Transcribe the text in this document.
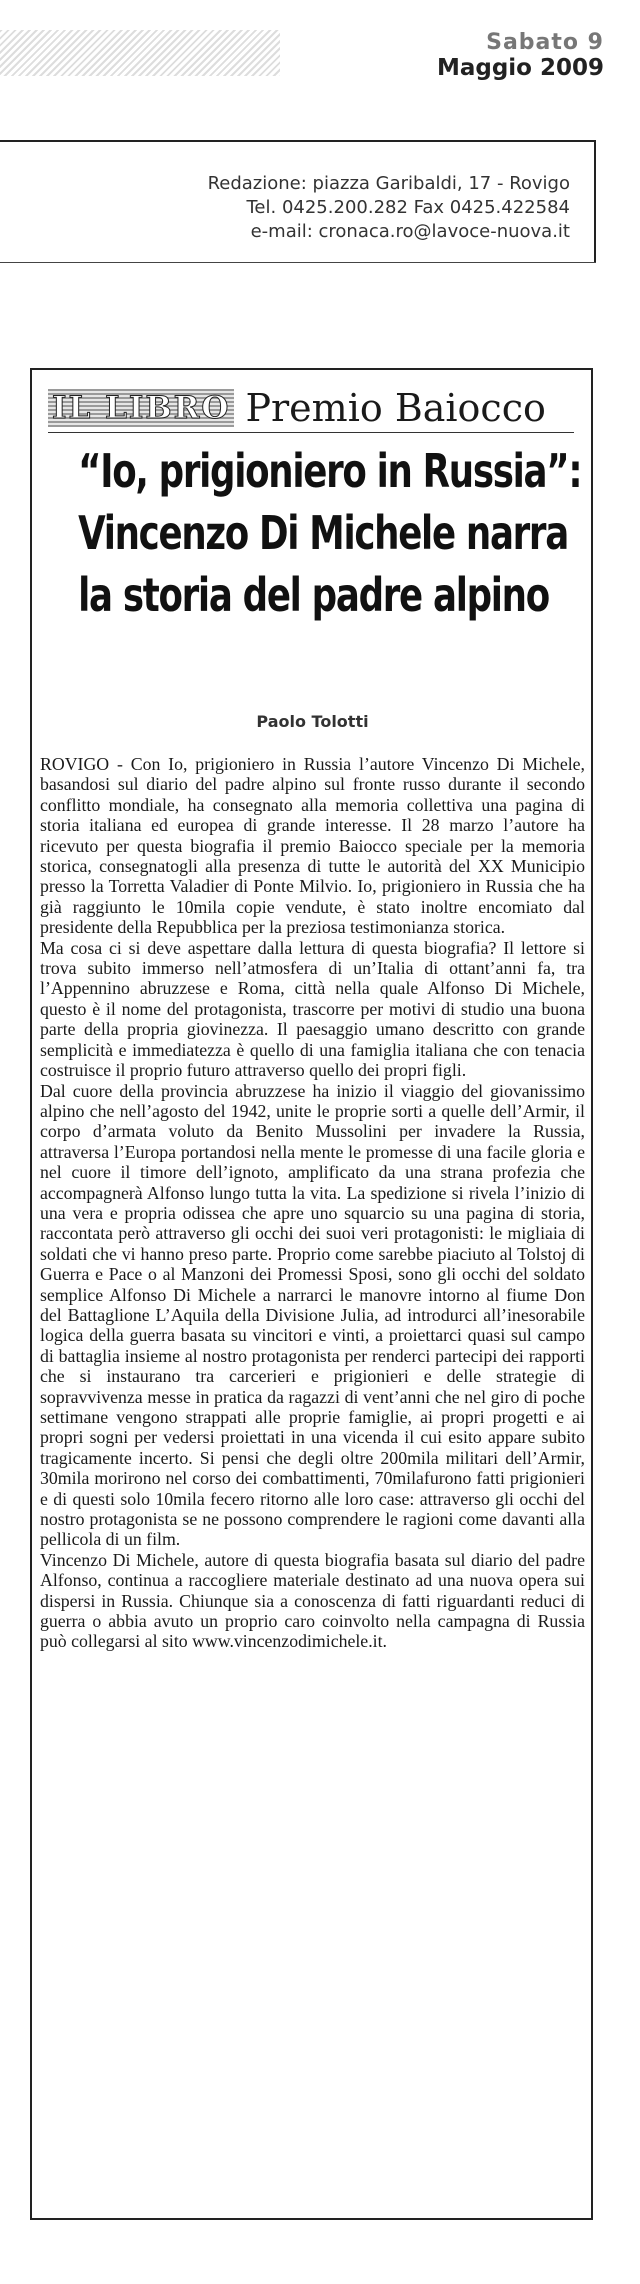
Sabato 9
Maggio 2009
Redazione: piazza Garibaldi, 17 - Rovigo
Tel. 0425.200.282 Fax 0425.422584
e-mail: cronaca.ro@lavoce-nuova.it
IL LIBRO Premio Baiocco
“Io, prigioniero in Russia”:
Vincenzo Di Michele narra
la storia del padre alpino
Paolo Tolotti

ROVIGO - Con Io, prigioniero in Russia l’autore Vincenzo Di Michele, basandosi sul diario del padre alpino sul fronte russo durante il secondo conflitto mondiale, ha consegnato alla memoria collettiva una pagina di storia italiana ed europea di grande interesse. Il 28 marzo l’autore ha ricevuto per questa biografia il premio Baiocco speciale per la memoria storica, consegnatogli alla presenza di tutte le autorità del XX Municipio presso la Torretta Valadier di Ponte Milvio. Io, prigioniero in Russia che ha già raggiunto le 10mila copie vendute, è stato inoltre encomiato dal presidente della Repubblica per la preziosa testimonianza storica.

Ma cosa ci si deve aspettare dalla lettura di questa biografia? Il lettore si trova subito immerso nell’atmosfera di un’Italia di ottant’anni fa, tra l’Appennino abruzzese e Roma, città nella quale Alfonso Di Michele, questo è il nome del protagonista, trascorre per motivi di studio una buona parte della propria giovinezza. Il paesaggio umano descritto con grande semplicità e immediatezza è quello di una famiglia italiana che con tenacia costruisce il proprio futuro attraverso quello dei propri figli.

Dal cuore della provincia abruzzese ha inizio il viaggio del giovanissimo alpino che nell’agosto del 1942, unite le proprie sorti a quelle dell’Armir, il corpo d’armata voluto da Benito Mussolini per invadere la Russia, attraversa l’Europa portandosi nella mente le promesse di una facile gloria e nel cuore il timore dell’ignoto, amplificato da una strana profezia che accompagnerà Alfonso lungo tutta la vita. La spedizione si rivela l’inizio di una vera e propria odissea che apre uno squarcio su una pagina di storia, raccontata però attraverso gli occhi dei suoi veri protagonisti: le migliaia di soldati che vi hanno preso parte. Proprio come sarebbe piaciuto al Tolstoj di Guerra e Pace o al Manzoni dei Promessi Sposi, sono gli occhi del soldato semplice Alfonso Di Michele a narrarci le manovre intorno al fiume Don del Battaglione L’Aquila della Divisione Julia, ad introdurci all’inesorabile logica della guerra basata su vincitori e vinti, a proiettarci quasi sul campo di battaglia insieme al nostro protagonista per renderci partecipi dei rapporti che si instaurano tra carcerieri e prigionieri e delle strategie di sopravvivenza messe in pratica da ragazzi di vent’anni che nel giro di poche settimane vengono strappati alle proprie famiglie, ai propri progetti e ai propri sogni per vedersi proiettati in una vicenda il cui esito appare subito tragicamente incerto. Si pensi che degli oltre 200mila militari dell’Armir, 30mila morirono nel corso dei combattimenti, 70milafurono fatti prigionieri e di questi solo 10mila fecero ritorno alle loro case: attraverso gli occhi del nostro protagonista se ne possono comprendere le ragioni come davanti alla pellicola di un film.

Vincenzo Di Michele, autore di questa biografia basata sul diario del padre Alfonso, continua a raccogliere materiale destinato ad una nuova opera sui dispersi in Russia. Chiunque sia a conoscenza di fatti riguardanti reduci di guerra o abbia avuto un proprio caro coinvolto nella campagna di Russia può collegarsi al sito www.vincenzodimichele.it.
